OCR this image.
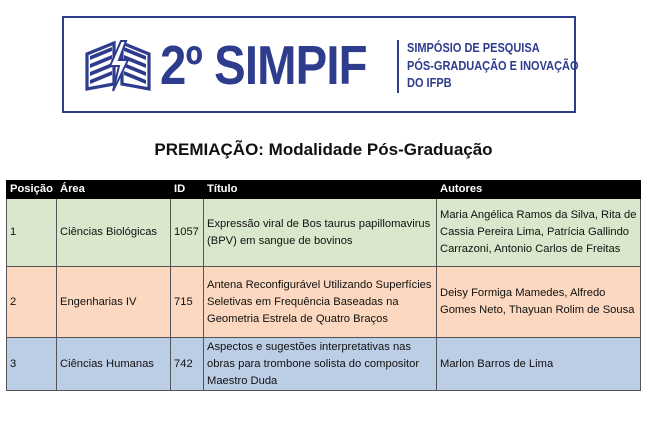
2º SIMPIF	SIMPÓSIO DE PESQUISA
PÓS-GRADUAÇÃO E INOVAÇÃO
DO IFPB
PREMIAÇÃO: Modalidade Pós-Graduação
Posição	Área	ID	Título	Autores
1	Ciências Biológicas	1057	Expressão viral de Bos taurus papillomavirus (BPV) em sangue de bovinos	Maria Angélica Ramos da Silva, Rita de Cassia Pereira Lima, Patrícia Gallindo Carrazoni, Antonio Carlos de Freitas
2	Engenharias IV	715	Antena Reconfigurável Utilizando Superfícies Seletivas em Frequência Baseadas na Geometria Estrela de Quatro Braços	Deisy Formiga Mamedes, Alfredo Gomes Neto, Thayuan Rolim de Sousa
3	Ciências Humanas	742	Aspectos e sugestões interpretativas nas obras para trombone solista do compositor Maestro Duda	Marlon Barros de Lima
